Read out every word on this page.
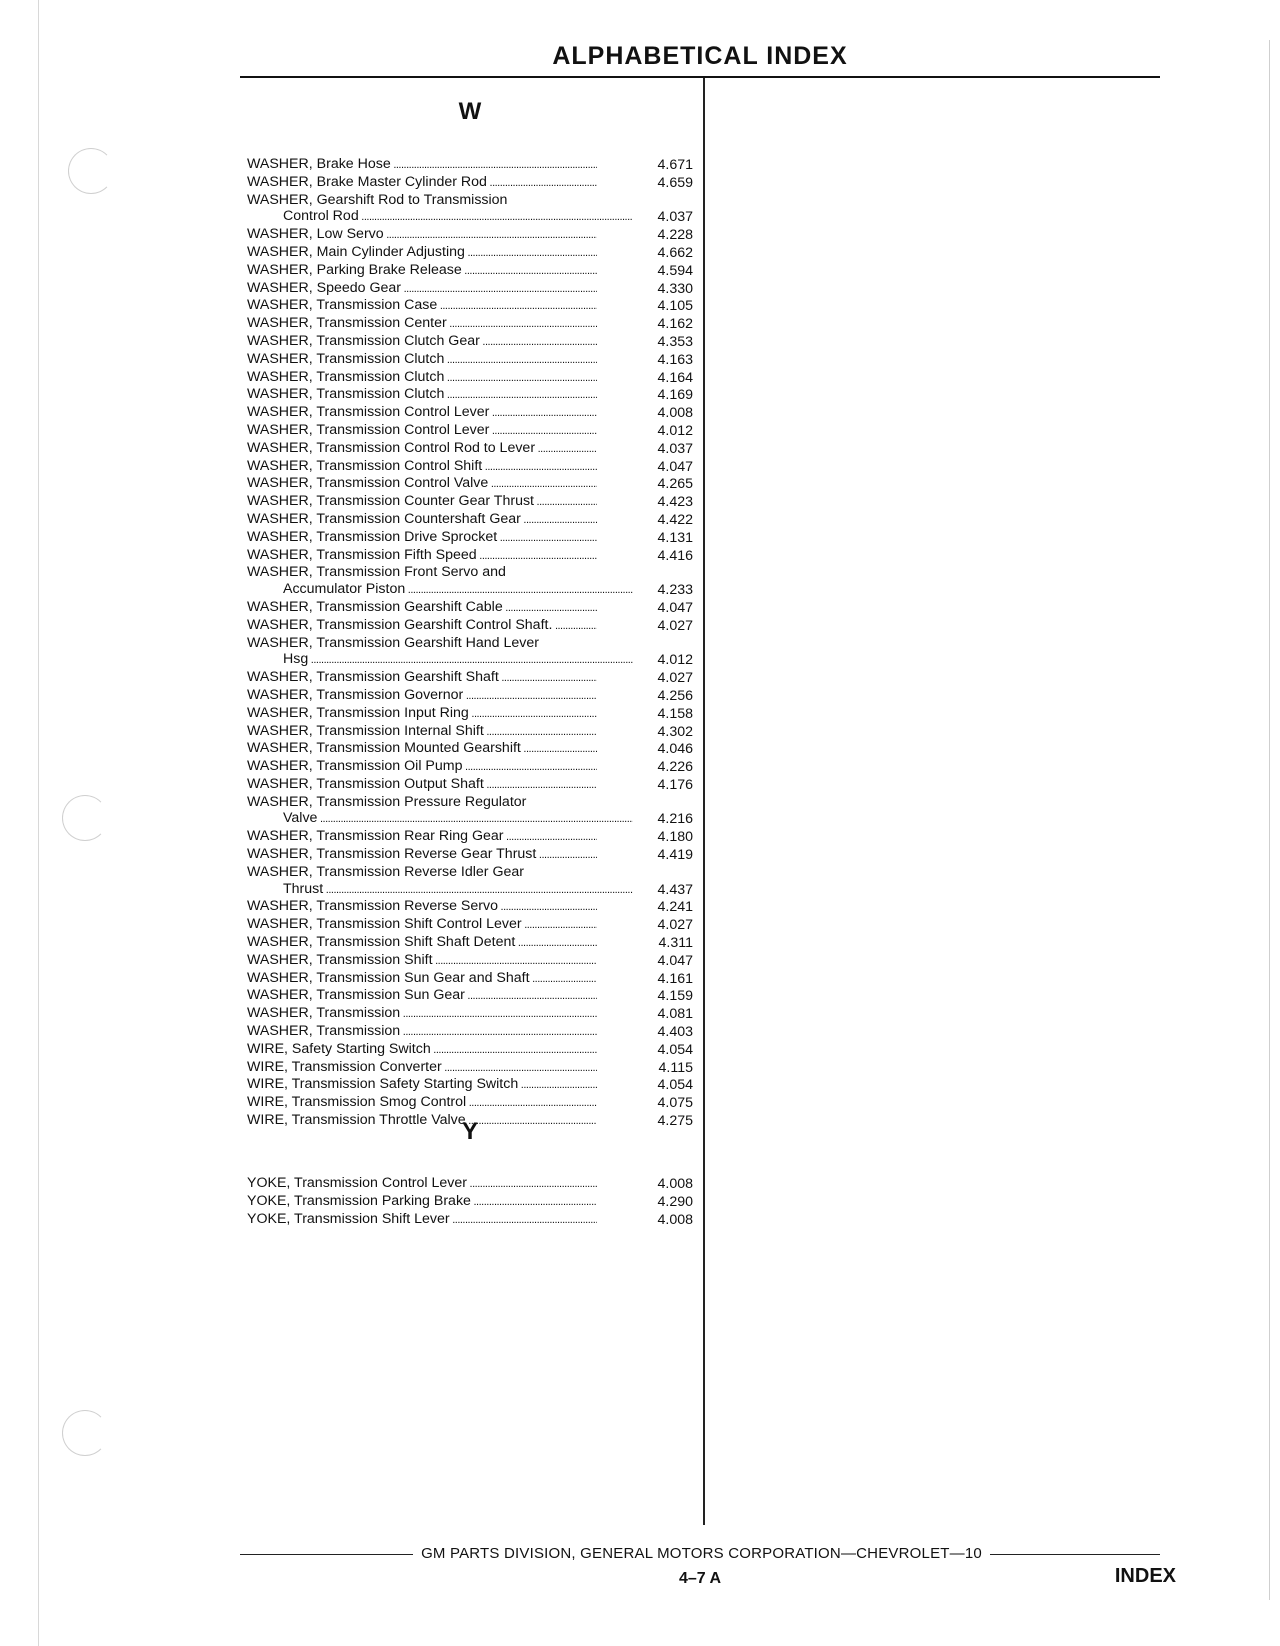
ALPHABETICAL INDEX
W
WASHER, Brake Hose .....	4.671
WASHER, Brake Master Cylinder Rod .....	4.659
WASHER, Gearshift Rod to Transmission
Control Rod .....	4.037
WASHER, Low Servo .....	4.228
WASHER, Main Cylinder Adjusting .....	4.662
WASHER, Parking Brake Release .....	4.594
WASHER, Speedo Gear .....	4.330
WASHER, Transmission Case .....	4.105
WASHER, Transmission Center .....	4.162
WASHER, Transmission Clutch Gear .....	4.353
WASHER, Transmission Clutch .....	4.163
WASHER, Transmission Clutch .....	4.164
WASHER, Transmission Clutch .....	4.169
WASHER, Transmission Control Lever .....	4.008
WASHER, Transmission Control Lever .....	4.012
WASHER, Transmission Control Rod to Lever .....	4.037
WASHER, Transmission Control Shift .....	4.047
WASHER, Transmission Control Valve .....	4.265
WASHER, Transmission Counter Gear Thrust .....	4.423
WASHER, Transmission Countershaft Gear .....	4.422
WASHER, Transmission Drive Sprocket .....	4.131
WASHER, Transmission Fifth Speed .....	4.416
WASHER, Transmission Front Servo and
Accumulator Piston .....	4.233
WASHER, Transmission Gearshift Cable .....	4.047
WASHER, Transmission Gearshift Control Shaft. .....	4.027
WASHER, Transmission Gearshift Hand Lever
Hsg .....	4.012
WASHER, Transmission Gearshift Shaft .....	4.027
WASHER, Transmission Governor .....	4.256
WASHER, Transmission Input Ring .....	4.158
WASHER, Transmission Internal Shift .....	4.302
WASHER, Transmission Mounted Gearshift .....	4.046
WASHER, Transmission Oil Pump .....	4.226
WASHER, Transmission Output Shaft .....	4.176
WASHER, Transmission Pressure Regulator
Valve .....	4.216
WASHER, Transmission Rear Ring Gear .....	4.180
WASHER, Transmission Reverse Gear Thrust .....	4.419
WASHER, Transmission Reverse Idler Gear
Thrust .....	4.437
WASHER, Transmission Reverse Servo .....	4.241
WASHER, Transmission Shift Control Lever .....	4.027
WASHER, Transmission Shift Shaft Detent .....	4.311
WASHER, Transmission Shift .....	4.047
WASHER, Transmission Sun Gear and Shaft .....	4.161
WASHER, Transmission Sun Gear .....	4.159
WASHER, Transmission .....	4.081
WASHER, Transmission .....	4.403
WIRE, Safety Starting Switch .....	4.054
WIRE, Transmission Converter .....	4.115
WIRE, Transmission Safety Starting Switch .....	4.054
WIRE, Transmission Smog Control .....	4.075
WIRE, Transmission Throttle Valve .....	4.275
Y
YOKE, Transmission Control Lever .....	4.008
YOKE, Transmission Parking Brake .....	4.290
YOKE, Transmission Shift Lever .....	4.008
GM PARTS DIVISION, GENERAL MOTORS CORPORATION—CHEVROLET—10
4–7 A	INDEX
